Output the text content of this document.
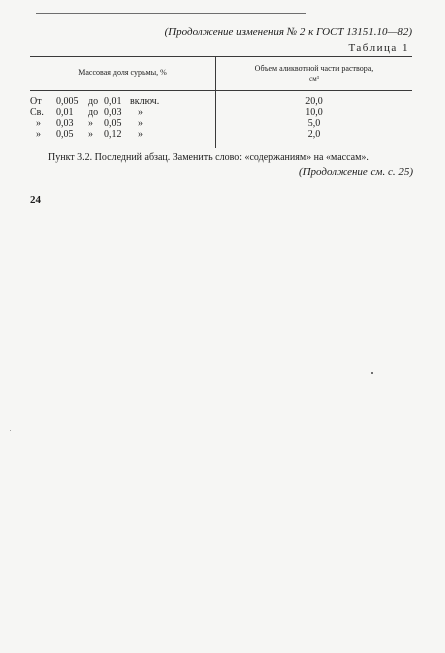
(Продолжение изменения № 2 к ГОСТ 13151.10—82)
Таблица 1
Массовая доля сурьмы, %	Объем аликвотной части раствора,
см³
От	0,005 до 0,01 включ.	20,0
Св.	0,01	до 0,03	»	10,0
»	0,03	»	0,05	»	5,0
»	0,05	»	0,12	»	2,0
Пункт 3.2. Последний абзац. Заменить слово: «содержаниям» на «массам».
(Продолжение см. с. 25)
24
